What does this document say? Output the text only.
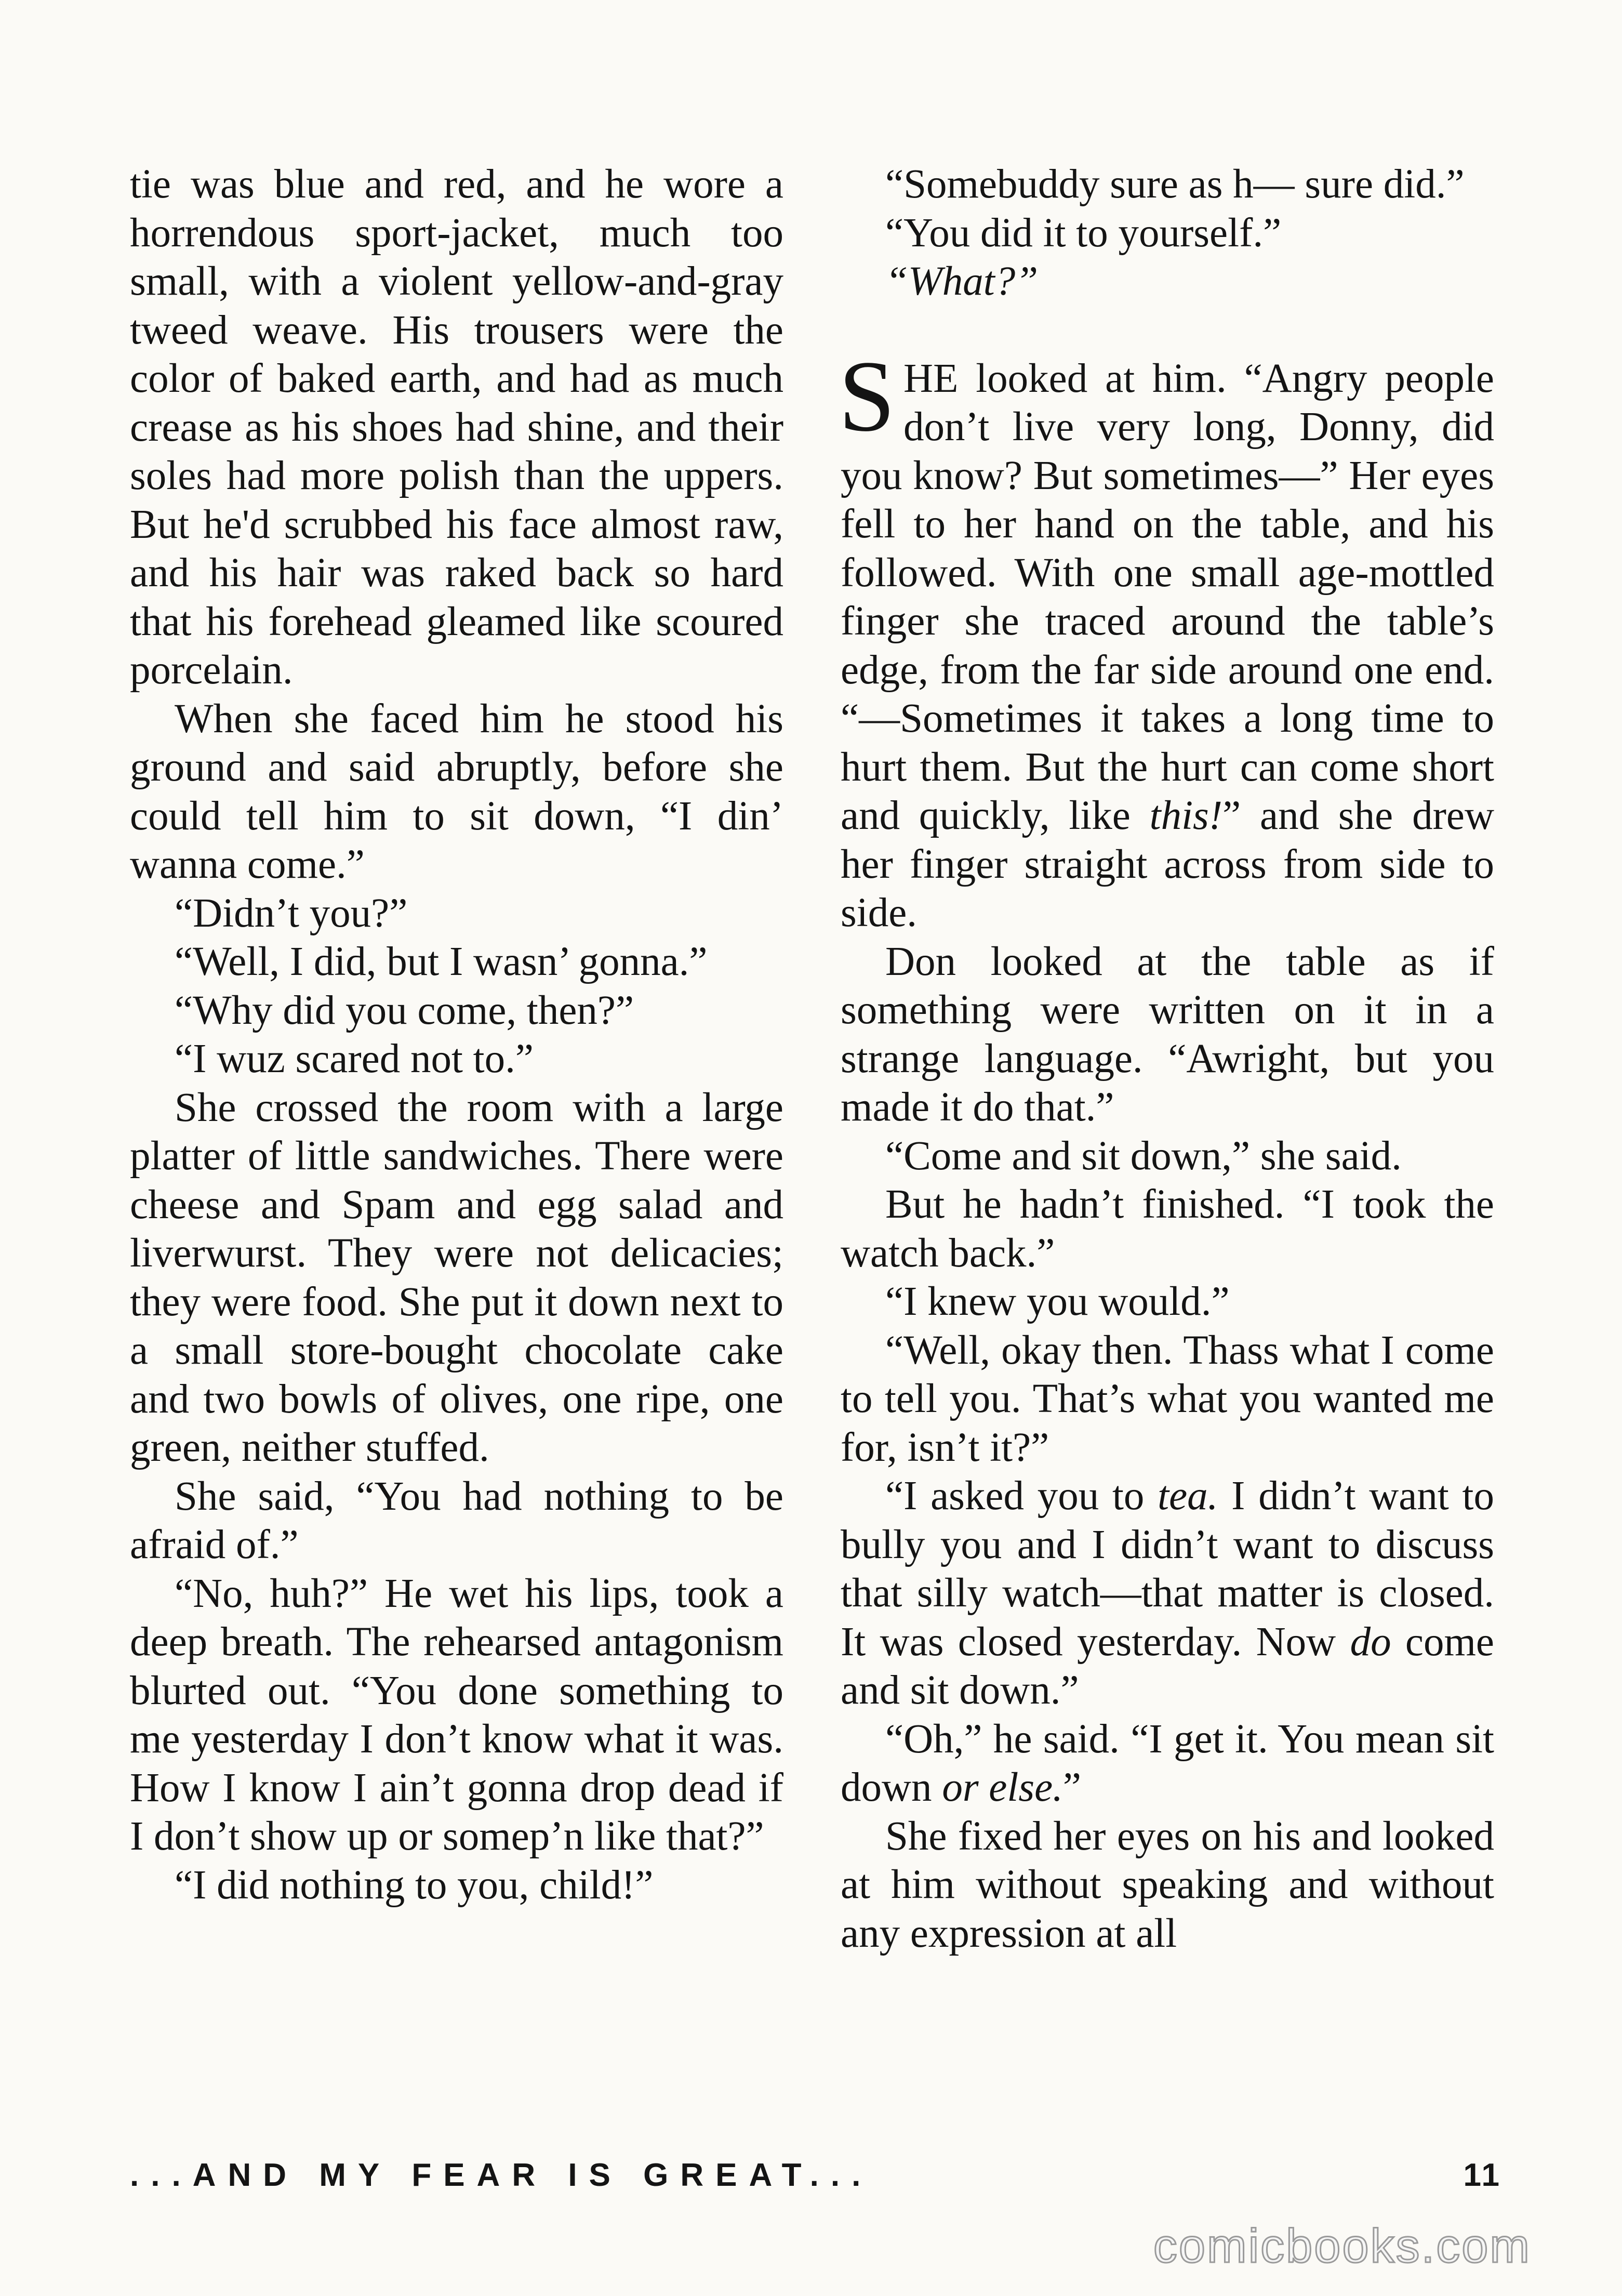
tie was blue and red, and he wore a horrendous sport-jacket, much too small, with a violent yellow-and-gray tweed weave. His trousers were the color of baked earth, and had as much crease as his shoes had shine, and their soles had more polish than the uppers. But he'd scrubbed his face almost raw, and his hair was raked back so hard that his forehead gleamed like scoured porcelain.

When she faced him he stood his ground and said abruptly, before she could tell him to sit down, “I din’ wanna come.”

“Didn’t you?”

“Well, I did, but I wasn’ gonna.”

“Why did you come, then?”

“I wuz scared not to.”

She crossed the room with a large platter of little sandwiches. There were cheese and Spam and egg salad and liverwurst. They were not delicacies; they were food. She put it down next to a small store-bought chocolate cake and two bowls of olives, one ripe, one green, neither stuffed.

She said, “You had nothing to be afraid of.”

“No, huh?” He wet his lips, took a deep breath. The rehearsed antagonism blurted out. “You done something to me yesterday I don’t know what it was. How I know I ain’t gonna drop dead if I don’t show up or somep’n like that?”

“I did nothing to you, child!”

“Somebuddy sure as h— sure did.”

“You did it to yourself.”

“What?”

SHE looked at him. “Angry people don’t live very long, Donny, did you know? But sometimes—” Her eyes fell to her hand on the table, and his followed. With one small age-mottled finger she traced around the table’s edge, from the far side around one end. “—Sometimes it takes a long time to hurt them. But the hurt can come short and quickly, like this!” and she drew her finger straight across from side to side.

Don looked at the table as if something were written on it in a strange language. “Awright, but you made it do that.”

“Come and sit down,” she said.

But he hadn’t finished. “I took the watch back.”

“I knew you would.”

“Well, okay then. Thass what I come to tell you. That’s what you wanted me for, isn’t it?”

“I asked you to tea. I didn’t want to bully you and I didn’t want to discuss that silly watch—that matter is closed. It was closed yesterday. Now do come and sit down.”

“Oh,” he said. “I get it. You mean sit down or else.”

She fixed her eyes on his and looked at him without speaking and without any expression at all

...AND MY FEAR IS GREAT...	11
comicbooks.com
